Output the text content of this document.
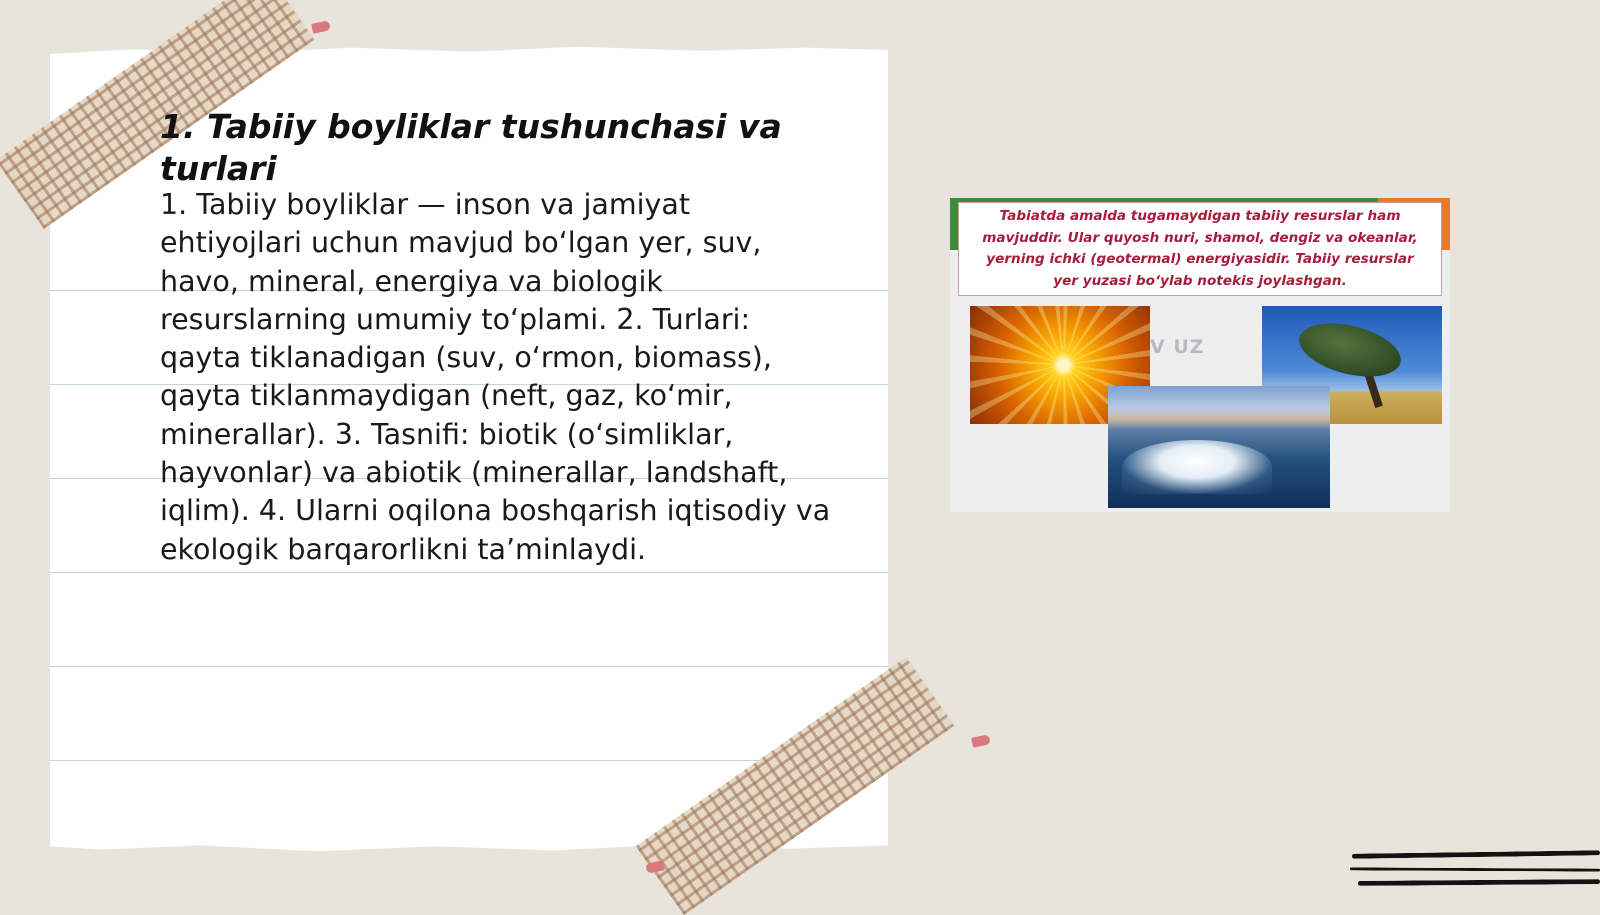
1. Tabiiy boyliklar tushunchasi va turlari

1. Tabiiy boyliklar — inson va jamiyat ehtiyojlari uchun mavjud bo‘lgan yer, suv, havo, mineral, energiya va biologik resurslarning umumiy to‘plami. 2. Turlari: qayta tiklanadigan (suv, o‘rmon, biomass), qayta tiklanmaydigan (neft, gaz, ko‘mir, minerallar). 3. Tasnifi: biotik (o‘simliklar, hayvonlar) va abiotik (minerallar, landshaft, iqlim). 4. Ularni oqilona boshqarish iqtisodiy va ekologik barqarorlikni ta’minlaydi.

Tabiatda amalda tugamaydigan tabiiy resurslar ham mavjuddir. Ular quyosh nuri, shamol, dengiz va okeanlar, yerning ichki (geotermal) energiyasidir. Tabiiy resurslar yer yuzasi bo‘ylab notekis joylashgan.

V UZ
